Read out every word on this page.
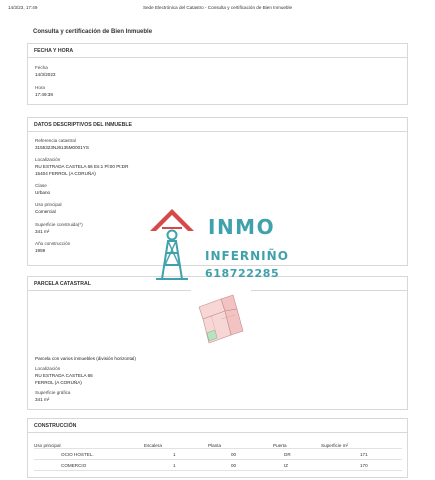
14/3/23, 17:49	Sede Electrónica del Catastro - Consulta y certificación de Bien Inmueble
Consulta y certificación de Bien Inmueble
FECHA Y HORA
Fecha
14/3/2023
Hora
17:49:38
DATOS DESCRIPTIVOS DEL INMUEBLE
Referencia catastral
3155323NJ6135M0001YS
Localización
RU ESTRADA CASTELA 66 Es:1 Pl:00 Pt:DR
15404 FERROL (A CORUÑA)
Clase
Urbano
Uso principal
Comercial
Superficie construida(*)
341 m²
Año construcción
1959
PARCELA CATASTRAL
Parcela con varios inmuebles (división horizontal)
Localización
RU ESTRADA CASTELA 66
FERROL (A CORUÑA)
Superficie gráfica
341 m²
CONSTRUCCIÓN
Uso principal	Escalera	Planta	Puerta	Superficie m²
OCIO HOSTEL.	1	00	DR	171
COMERCIO	1	00	IZ	170
INMO
INFERNIÑO
618722285
